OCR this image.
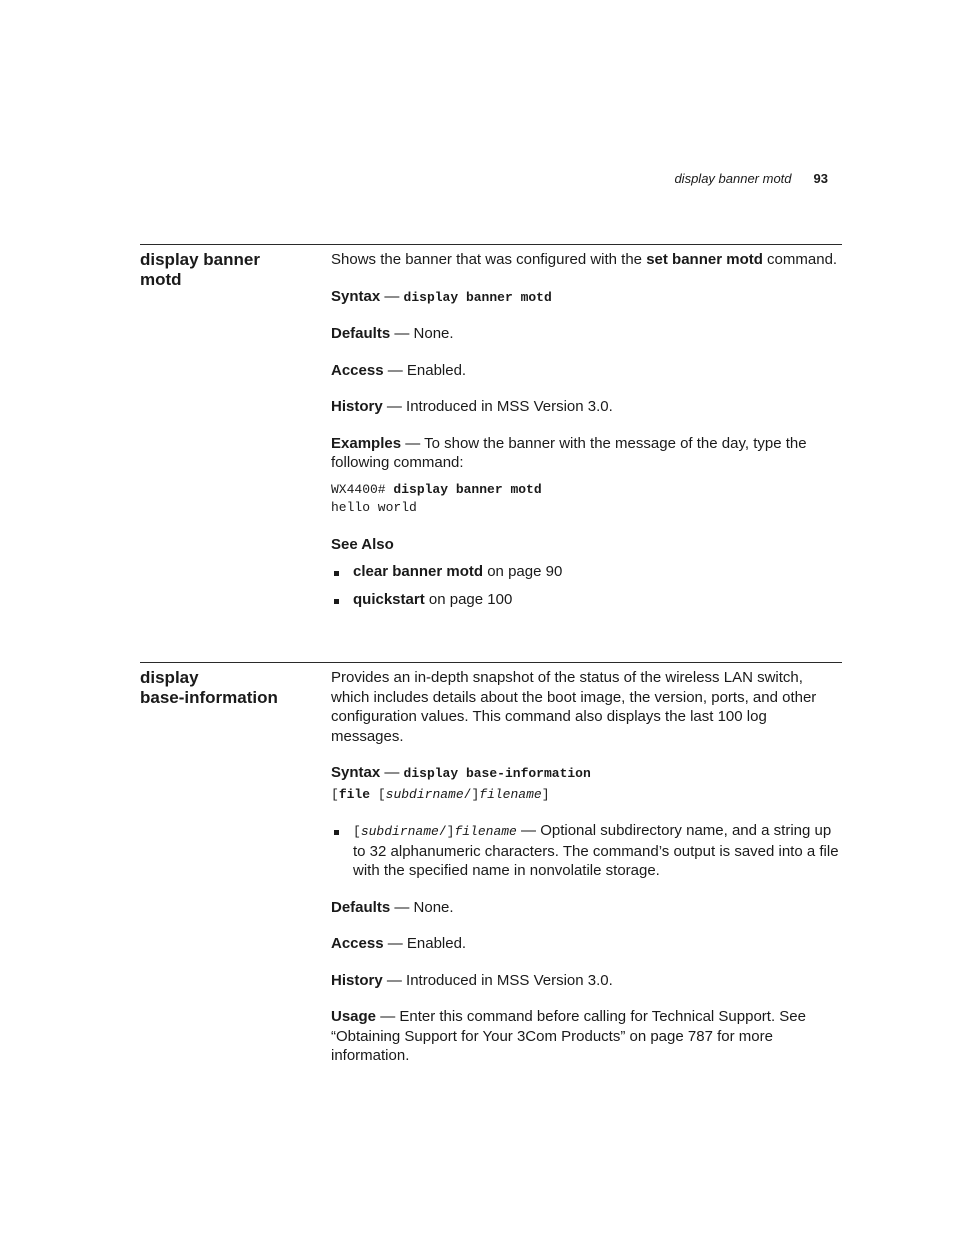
display banner motd 93
display banner
motd

Shows the banner that was configured with the set banner motd command.

Syntax — display banner motd

Defaults — None.

Access — Enabled.

History — Introduced in MSS Version 3.0.

Examples — To show the banner with the message of the day, type the following command:

WX4400# display banner motd
hello world

See Also

clear banner motd on page 90
quickstart on page 100
display
base-information

Provides an in-depth snapshot of the status of the wireless LAN switch, which includes details about the boot image, the version, ports, and other configuration values. This command also displays the last 100 log messages.

Syntax — display base-information
[file [subdirname/]filename]

[subdirname/]filename — Optional subdirectory name, and a string up to 32 alphanumeric characters. The command’s output is saved into a file with the specified name in nonvolatile storage.

Defaults — None.

Access — Enabled.

History — Introduced in MSS Version 3.0.

Usage — Enter this command before calling for Technical Support. See “Obtaining Support for Your 3Com Products” on page 787 for more information.
